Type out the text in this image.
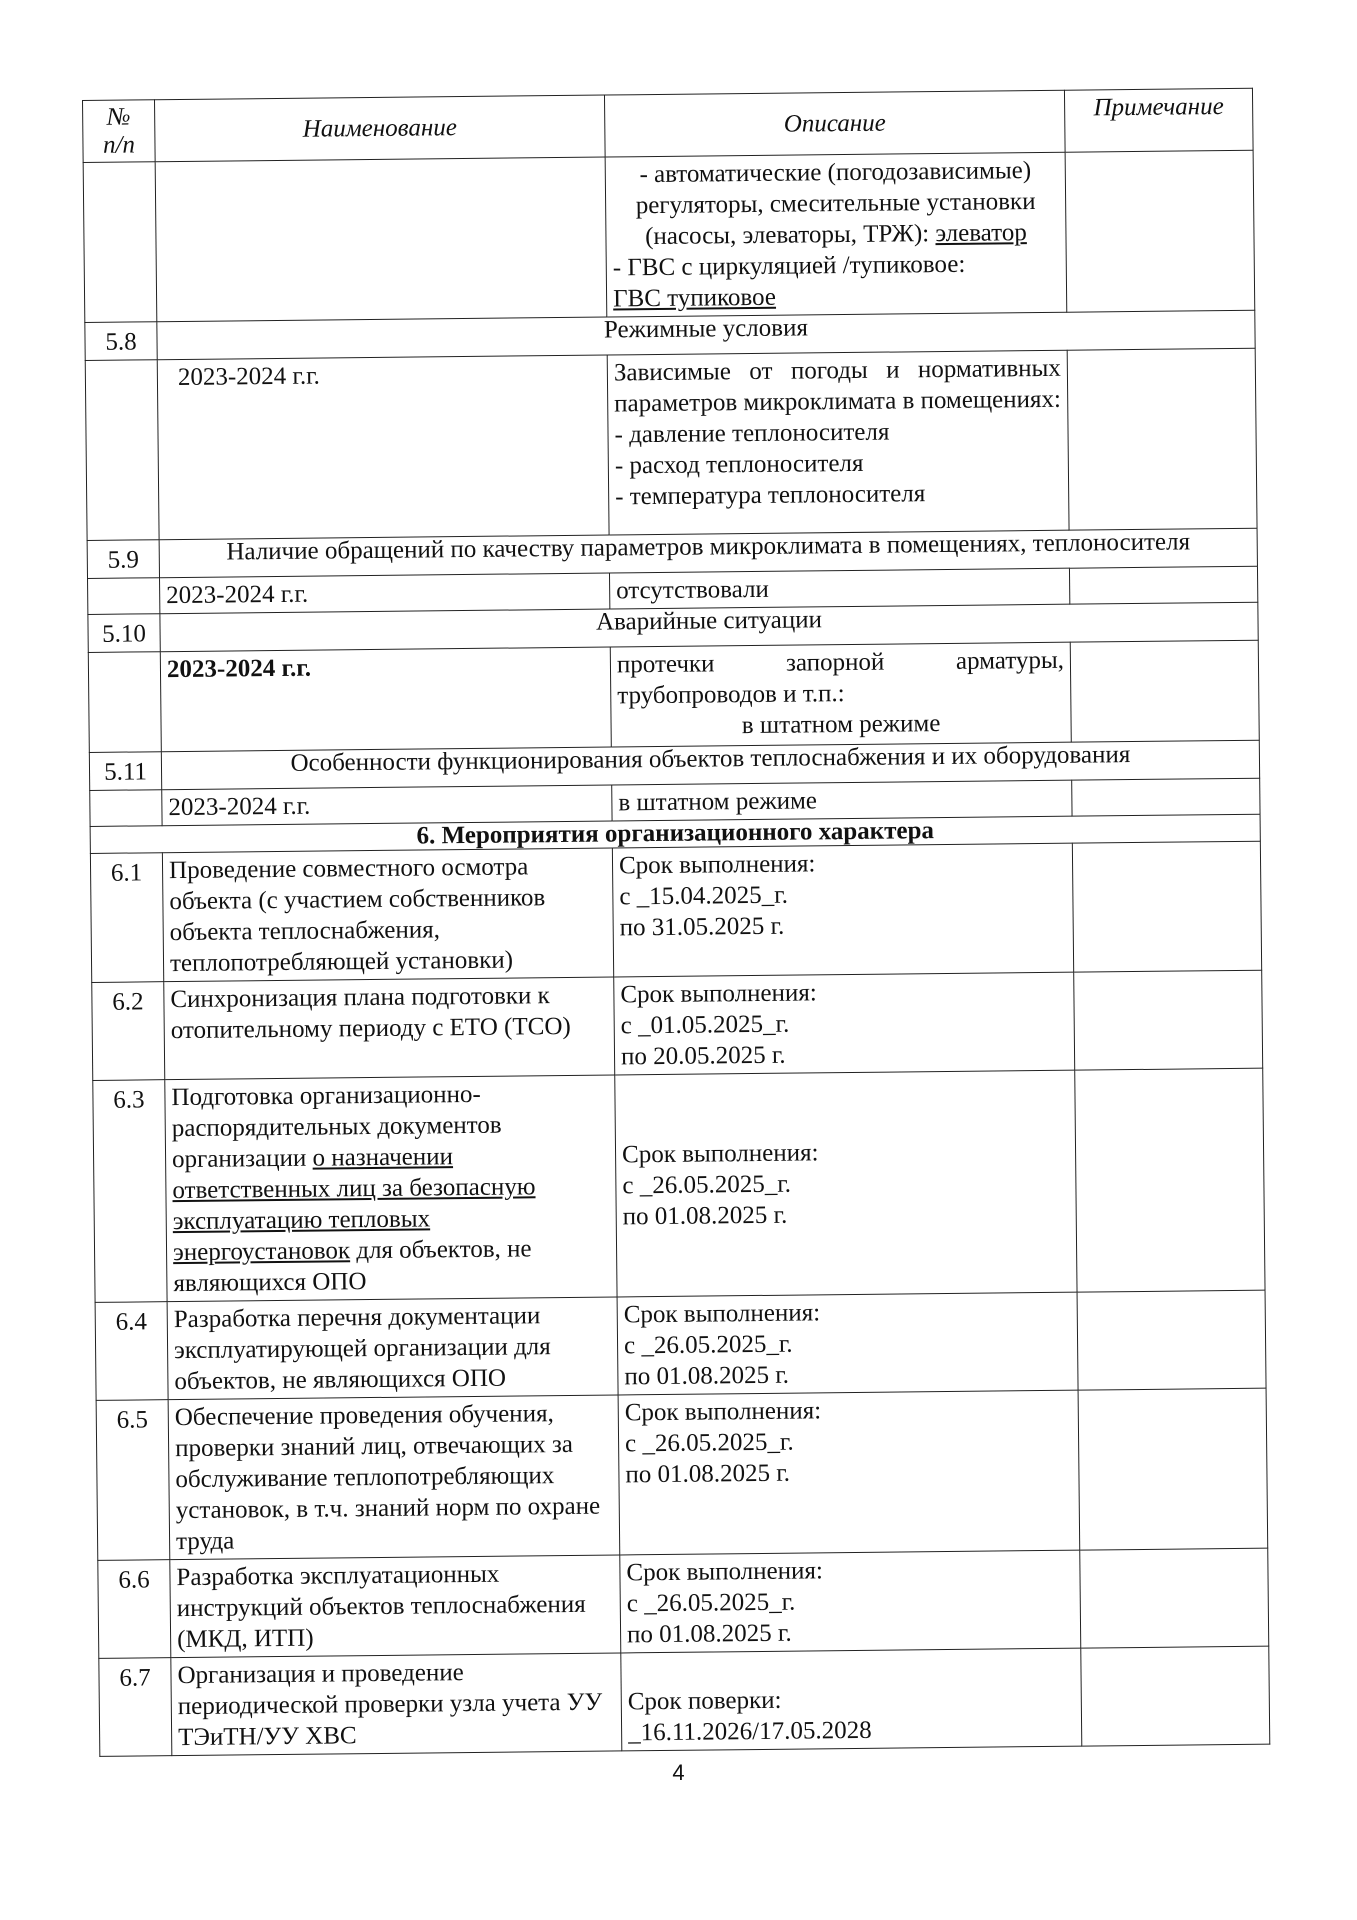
№
п/п	Наименование	Описание	Примечание
		- автоматические (погодозависимые) регуляторы, смесительные установки (насосы, элеваторы, ТРЖ): элеватор
- ГВС с циркуляцией /тупиковое:
ГВС тупиковое	

5.8	Режимные условия		
	2023-2024 г.г.	Зависимые от погоды и нормативных параметров микроклимата в помещениях:
- давление теплоносителя
- расход теплоносителя
- температура теплоносителя	

5.9	Наличие обращений по качеству параметров микроклимата в помещениях, теплоносителя		
	2023-2024 г.г.	отсутствовали	
5.10	Аварийные ситуации		
	2023-2024 г.г.	протечки запорной арматуры, трубопроводов и т.п.:
в штатном режиме	

5.11	Особенности функционирования объектов теплоснабжения и их оборудования		
	2023-2024 г.г.	в штатном режиме	
6. Мероприятия организационного характера			
6.1	Проведение совместного осмотра объекта (с участием собственников объекта теплоснабжения, теплопотребляющей установки)	Срок выполнения:
с _15.04.2025_г.
по 31.05.2025 г.	

6.2	Синхронизация плана подготовки к отопительному периоду с ЕТО (ТСО)	Срок выполнения:
с _01.05.2025_г.
по 20.05.2025 г.	

6.3	Подготовка организационно-распорядительных документов организации о назначении ответственных лиц за безопасную эксплуатацию тепловых энергоустановок для объектов, не являющихся ОПО	Срок выполнения:
с _26.05.2025_г.
по 01.08.2025 г.	

6.4	Разработка перечня документации эксплуатирующей организации для объектов, не являющихся ОПО	Срок выполнения:
с _26.05.2025_г.
по 01.08.2025 г.	

6.5	Обеспечение проведения обучения, проверки знаний лиц, отвечающих за обслуживание теплопотребляющих установок, в т.ч. знаний норм по охране труда	Срок выполнения:
с _26.05.2025_г.
по 01.08.2025 г.	

6.6	Разработка эксплуатационных инструкций объектов теплоснабжения (МКД, ИТП)	Срок выполнения:
с _26.05.2025_г.
по 01.08.2025 г.	

6.7	Организация и проведение периодической проверки узла учета УУ ТЭиТН/УУ ХВС	Срок поверки:
_16.11.2026/17.05.2028	

4
